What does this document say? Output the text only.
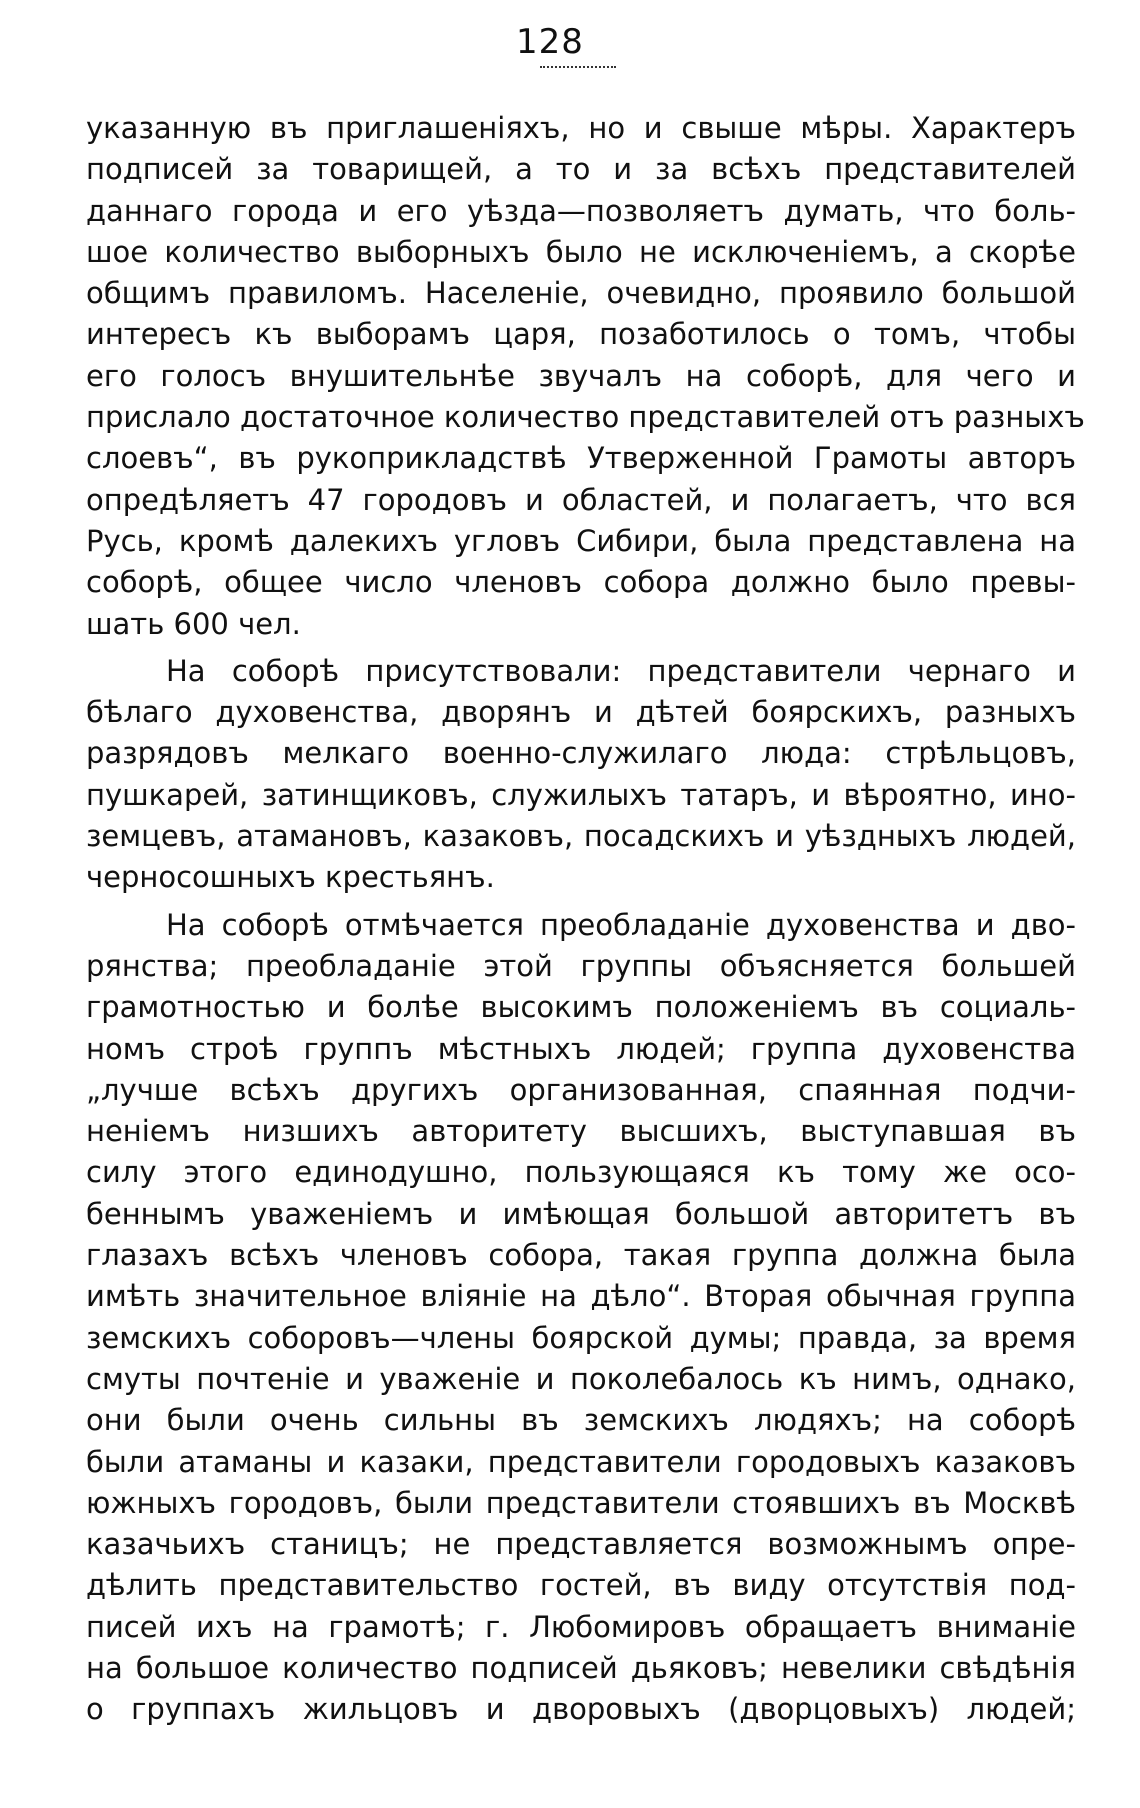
128
указанную въ приглашеніяхъ, но и свыше мѣры. Характеръ
подписей за товарищей, а то и за всѣхъ представителей
даннаго города и его уѣзда—позволяетъ думать, что боль-
шое количество выборныхъ было не исключеніемъ, а скорѣе
общимъ правиломъ. Населеніе, очевидно, проявило большой
интересъ къ выборамъ царя, позаботилось о томъ, чтобы
его голосъ внушительнѣе звучалъ на соборѣ, для чего и
прислало достаточное количество представителей отъ разныхъ
слоевъ“, въ рукоприкладствѣ Утверженной Грамоты авторъ
опредѣляетъ 47 городовъ и областей, и полагаетъ, что вся
Русь, кромѣ далекихъ угловъ Сибири, была представлена на
соборѣ, общее число членовъ собора должно было превы-
шать 600 чел.
На соборѣ присутствовали: представители чернаго и
бѣлаго духовенства, дворянъ и дѣтей боярскихъ, разныхъ
разрядовъ мелкаго военно-служилаго люда: стрѣльцовъ,
пушкарей, затинщиковъ, служилыхъ татаръ, и вѣроятно, ино-
земцевъ, атамановъ, казаковъ, посадскихъ и уѣздныхъ людей,
черносошныхъ крестьянъ.
На соборѣ отмѣчается преобладаніе духовенства и дво-
рянства; преобладаніе этой группы объясняется большей
грамотностью и болѣе высокимъ положеніемъ въ социаль-
номъ строѣ группъ мѣстныхъ людей; группа духовенства
„лучше всѣхъ другихъ организованная, спаянная подчи-
неніемъ низшихъ авторитету высшихъ, выступавшая въ
силу этого единодушно, пользующаяся къ тому же осо-
беннымъ уваженіемъ и имѣющая большой авторитетъ въ
глазахъ всѣхъ членовъ собора, такая группа должна была
имѣть значительное вліяніе на дѣло“. Вторая обычная группа
земскихъ соборовъ—члены боярской думы; правда, за время
смуты почтеніе и уваженіе и поколебалось къ нимъ, однако,
они были очень сильны въ земскихъ людяхъ; на соборѣ
были атаманы и казаки, представители городовыхъ казаковъ
южныхъ городовъ, были представители стоявшихъ въ Москвѣ
казачьихъ станицъ; не представляется возможнымъ опре-
дѣлить представительство гостей, въ виду отсутствія под-
писей ихъ на грамотѣ; г. Любомировъ обращаетъ вниманіе
на большое количество подписей дьяковъ; невелики свѣдѣнія
о группахъ жильцовъ и дворовыхъ (дворцовыхъ) людей;
